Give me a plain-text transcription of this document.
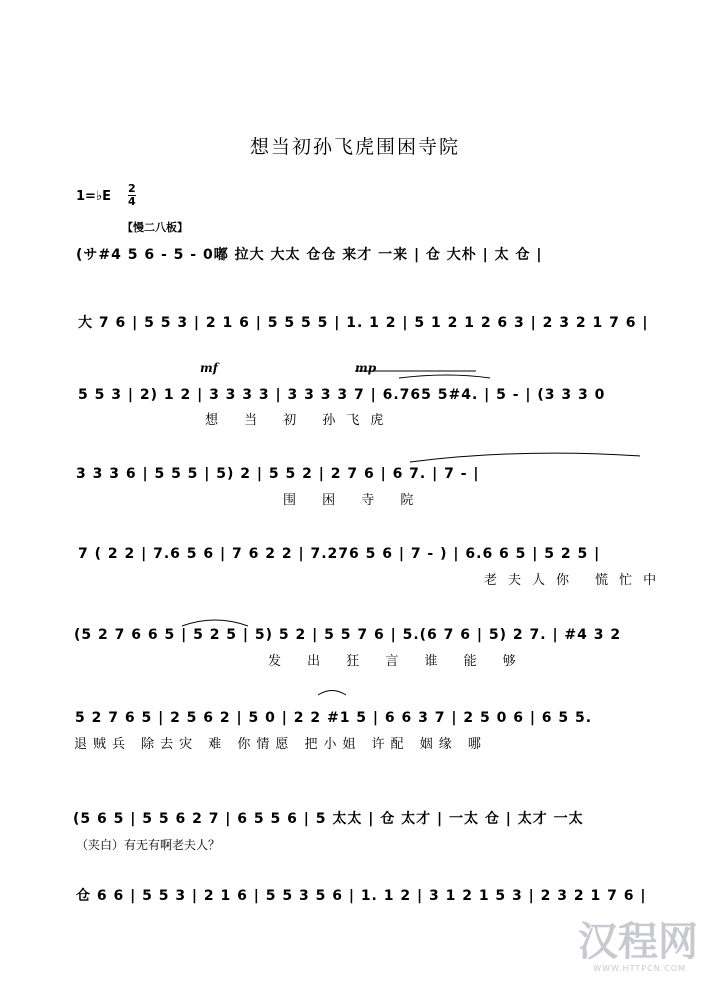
想当初孙飞虎围困寺院
1=♭E
2
4
【慢二八板】
(サ#4 5 6 - 5 - 0嘟 拉大 大太 仓仓 来才 一来 | 仓 大朴 | 太 仓 |
大 7 6 | 5 5 3 | 2 1 6 | 5 5 5 5 | 1. 1 2 | 5 1 2 1 2 6 3 | 2 3 2 1 7 6 |
mf	mp
5 5 3 | 2) 1 2 | 3 3 3 3 | 3 3 3 3 7 | 6.765 5#4. | 5 - | (3 3 3 0
想 当 初 孙飞虎
3 3 3 6 | 5 5 5 | 5) 2 | 5 5 2 | 2 7 6 | 6 7. | 7 - |
围 困 寺 院
7 ( 2 2 | 7.6 5 6 | 7 6 2 2 | 7.276 5 6 | 7 - ) | 6.6 6 5 | 5 2 5 |
老夫人你 慌忙中
(5 2 7 6 6 5 | 5 2 5 | 5) 5 2 | 5 5 7 6 | 5.(6 7 6 | 5) 2 7. | #4 3 2
发 出 狂 言 谁 能 够
5 2 7 6 5 | 2 5 6 2 | 5 0 | 2 2 #1 5 | 6 6 3 7 | 2 5 0 6 | 6 5 5.
退贼兵 除去灾 难 你情愿 把小姐 许配 姻缘 哪
(5 6 5 | 5 5 6 2 7 | 6 5 5 6 | 5 太太 | 仓 太才 | 一太 仓 | 太才 一太
（夹白）有无有啊老夫人？
仓 6 6 | 5 5 3 | 2 1 6 | 5 5 3 5 6 | 1. 1 2 | 3 1 2 1 5 3 | 2 3 2 1 7 6 |
汉程网
WWW.HTTPCN.COM
